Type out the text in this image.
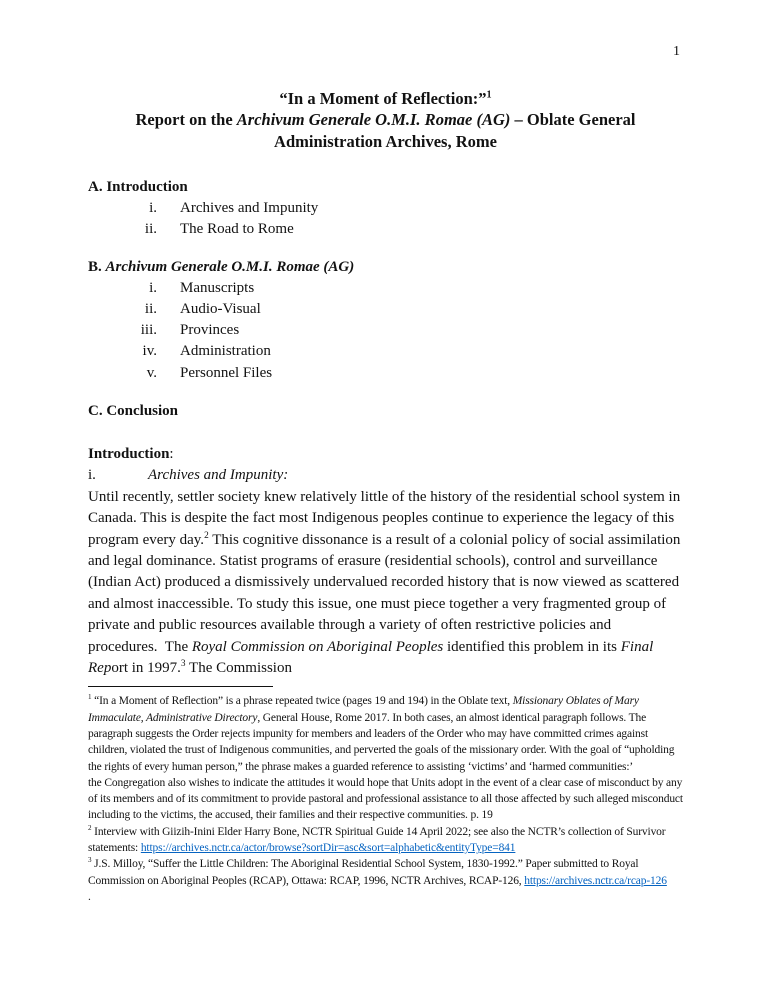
1
“In a Moment of Reflection:”$^1$
Report on the Archivum Generale O.M.I. Romae (AG) – Oblate General Administration Archives, Rome
A. Introduction
i. Archives and Impunity
ii. The Road to Rome
B. Archivum Generale O.M.I. Romae (AG)
i. Manuscripts
ii. Audio-Visual
iii. Provinces
iv. Administration
v. Personnel Files
C. Conclusion
Introduction:
i.	Archives and Impunity:
Until recently, settler society knew relatively little of the history of the residential school system in Canada. This is despite the fact most Indigenous peoples continue to experience the legacy of this program every day.$^2$ This cognitive dissonance is a result of a colonial policy of social assimilation and legal dominance. Statist programs of erasure (residential schools), control and surveillance (Indian Act) produced a dismissively undervalued recorded history that is now viewed as scattered and almost inaccessible. To study this issue, one must piece together a very fragmented group of private and public resources available through a variety of often restrictive policies and procedures.  The Royal Commission on Aboriginal Peoples identified this problem in its Final Report in 1997.$^3$ The Commission

$^1$ “In a Moment of Reflection” is a phrase repeated twice (pages 19 and 194) in the Oblate text, Missionary Oblates of Mary Immaculate, Administrative Directory, General House, Rome 2017. In both cases, an almost identical paragraph follows. The paragraph suggests the Order rejects impunity for members and leaders of the Order who may have committed crimes against children, violated the trust of Indigenous communities, and perverted the goals of the missionary order. With the goal of “upholding the rights of every human person,” the phrase makes a guarded reference to assisting ‘victims’ and ‘harmed communities:’

the Congregation also wishes to indicate the attitudes it would hope that Units adopt in the event of a clear case of misconduct by any of its members and of its commitment to provide pastoral and professional assistance to all those affected by such alleged misconduct including to the victims, the accused, their families and their respective communities. p. 19

$^2$ Interview with Giizih-Inini Elder Harry Bone, NCTR Spiritual Guide 14 April 2022; see also the NCTR’s collection of Survivor statements: https://archives.nctr.ca/actor/browse?sortDir=asc&sort=alphabetic&entityType=841

$^3$ J.S. Milloy, “Suffer the Little Children: The Aboriginal Residential School System, 1830-1992.” Paper submitted to Royal Commission on Aboriginal Peoples (RCAP), Ottawa: RCAP, 1996, NCTR Archives, RCAP-126, https://archives.nctr.ca/rcap-126

.
